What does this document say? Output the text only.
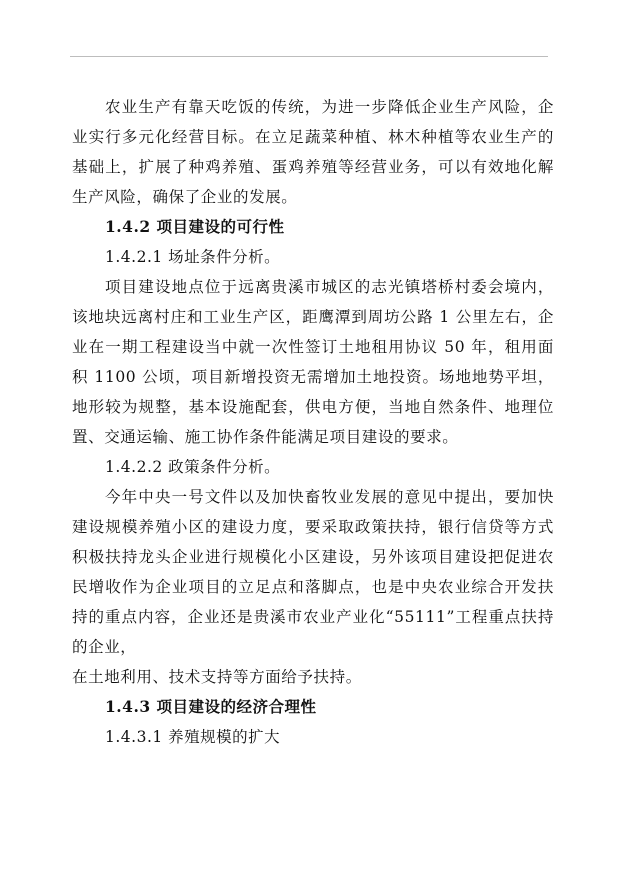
农业生产有靠天吃饭的传统，为进一步降低企业生产风险，企业实行多元化经营目标。在立足蔬菜种植、林木种植等农业生产的基础上，扩展了种鸡养殖、蛋鸡养殖等经营业务，可以有效地化解生产风险，确保了企业的发展。

1.4.2 项目建设的可行性

1.4.2.1 场址条件分析。

项目建设地点位于远离贵溪市城区的志光镇塔桥村委会境内，该地块远离村庄和工业生产区，距鹰潭到周坊公路 1 公里左右，企业在一期工程建设当中就一次性签订土地租用协议 50 年，租用面积 1100 公顷，项目新增投资无需增加土地投资。场地地势平坦，地形较为规整，基本设施配套，供电方便，当地自然条件、地理位置、交通运输、施工协作条件能满足项目建设的要求。

1.4.2.2 政策条件分析。

今年中央一号文件以及加快畜牧业发展的意见中提出，要加快建设规模养殖小区的建设力度，要采取政策扶持，银行信贷等方式积极扶持龙头企业进行规模化小区建设，另外该项目建设把促进农民增收作为企业项目的立足点和落脚点，也是中央农业综合开发扶持的重点内容，企业还是贵溪市农业产业化“55111”工程重点扶持的企业，

在土地利用、技术支持等方面给予扶持。

1.4.3 项目建设的经济合理性

1.4.3.1 养殖规模的扩大
